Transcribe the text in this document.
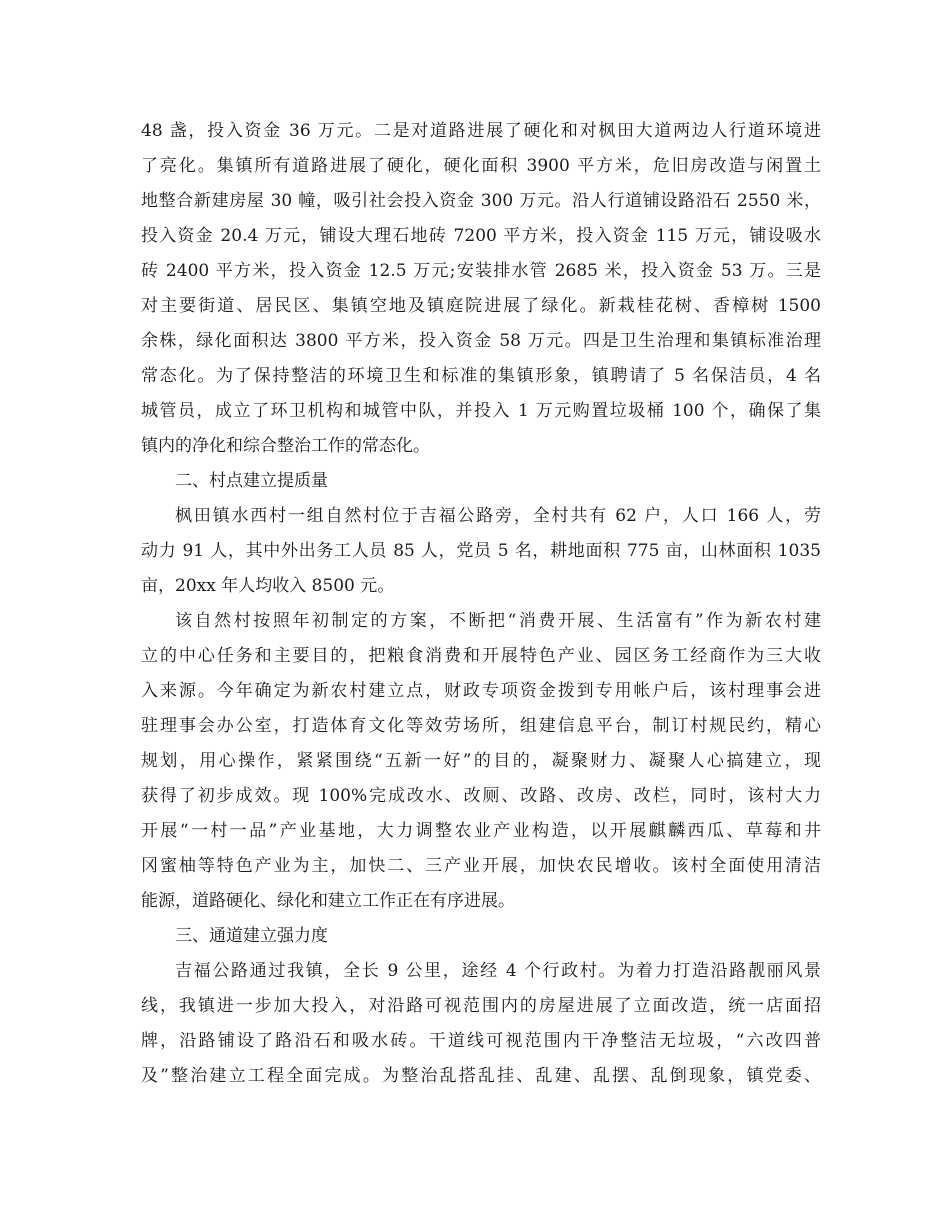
48 盏，投入资金 36 万元。二是对道路进展了硬化和对枫田大道两边人行道环境进
了亮化。集镇所有道路进展了硬化，硬化面积 3900 平方米，危旧房改造与闲置土
地整合新建房屋 30 幢，吸引社会投入资金 300 万元。沿人行道铺设路沿石 2550 米，
投入资金 20.4 万元，铺设大理石地砖 7200 平方米，投入资金 115 万元，铺设吸水
砖 2400 平方米，投入资金 12.5 万元;安装排水管 2685 米，投入资金 53 万。三是
对主要街道、居民区、集镇空地及镇庭院进展了绿化。新栽桂花树、香樟树 1500
余株，绿化面积达 3800 平方米，投入资金 58 万元。四是卫生治理和集镇标准治理
常态化。为了保持整洁的环境卫生和标准的集镇形象，镇聘请了 5 名保洁员，4 名
城管员，成立了环卫机构和城管中队，并投入 1 万元购置垃圾桶 100 个，确保了集
镇内的净化和综合整治工作的常态化。
二、村点建立提质量
枫田镇水西村一组自然村位于吉福公路旁，全村共有 62 户，人口 166 人，劳
动力 91 人，其中外出务工人员 85 人，党员 5 名，耕地面积 775 亩，山林面积 1035
亩，20xx 年人均收入 8500 元。
该自然村按照年初制定的方案，不断把“消费开展、生活富有”作为新农村建
立的中心任务和主要目的，把粮食消费和开展特色产业、园区务工经商作为三大收
入来源。今年确定为新农村建立点，财政专项资金拨到专用帐户后，该村理事会进
驻理事会办公室，打造体育文化等效劳场所，组建信息平台，制订村规民约，精心
规划，用心操作，紧紧围绕“五新一好”的目的，凝聚财力、凝聚人心搞建立，现
获得了初步成效。现 100%完成改水、改厕、改路、改房、改栏，同时，该村大力
开展“一村一品”产业基地，大力调整农业产业构造，以开展麒麟西瓜、草莓和井
冈蜜柚等特色产业为主，加快二、三产业开展，加快农民增收。该村全面使用清洁
能源，道路硬化、绿化和建立工作正在有序进展。
三、通道建立强力度
吉福公路通过我镇，全长 9 公里，途经 4 个行政村。为着力打造沿路靓丽风景
线，我镇进一步加大投入，对沿路可视范围内的房屋进展了立面改造，统一店面招
牌，沿路铺设了路沿石和吸水砖。干道线可视范围内干净整洁无垃圾，“六改四普
及”整治建立工程全面完成。为整治乱搭乱挂、乱建、乱摆、乱倒现象，镇党委、
